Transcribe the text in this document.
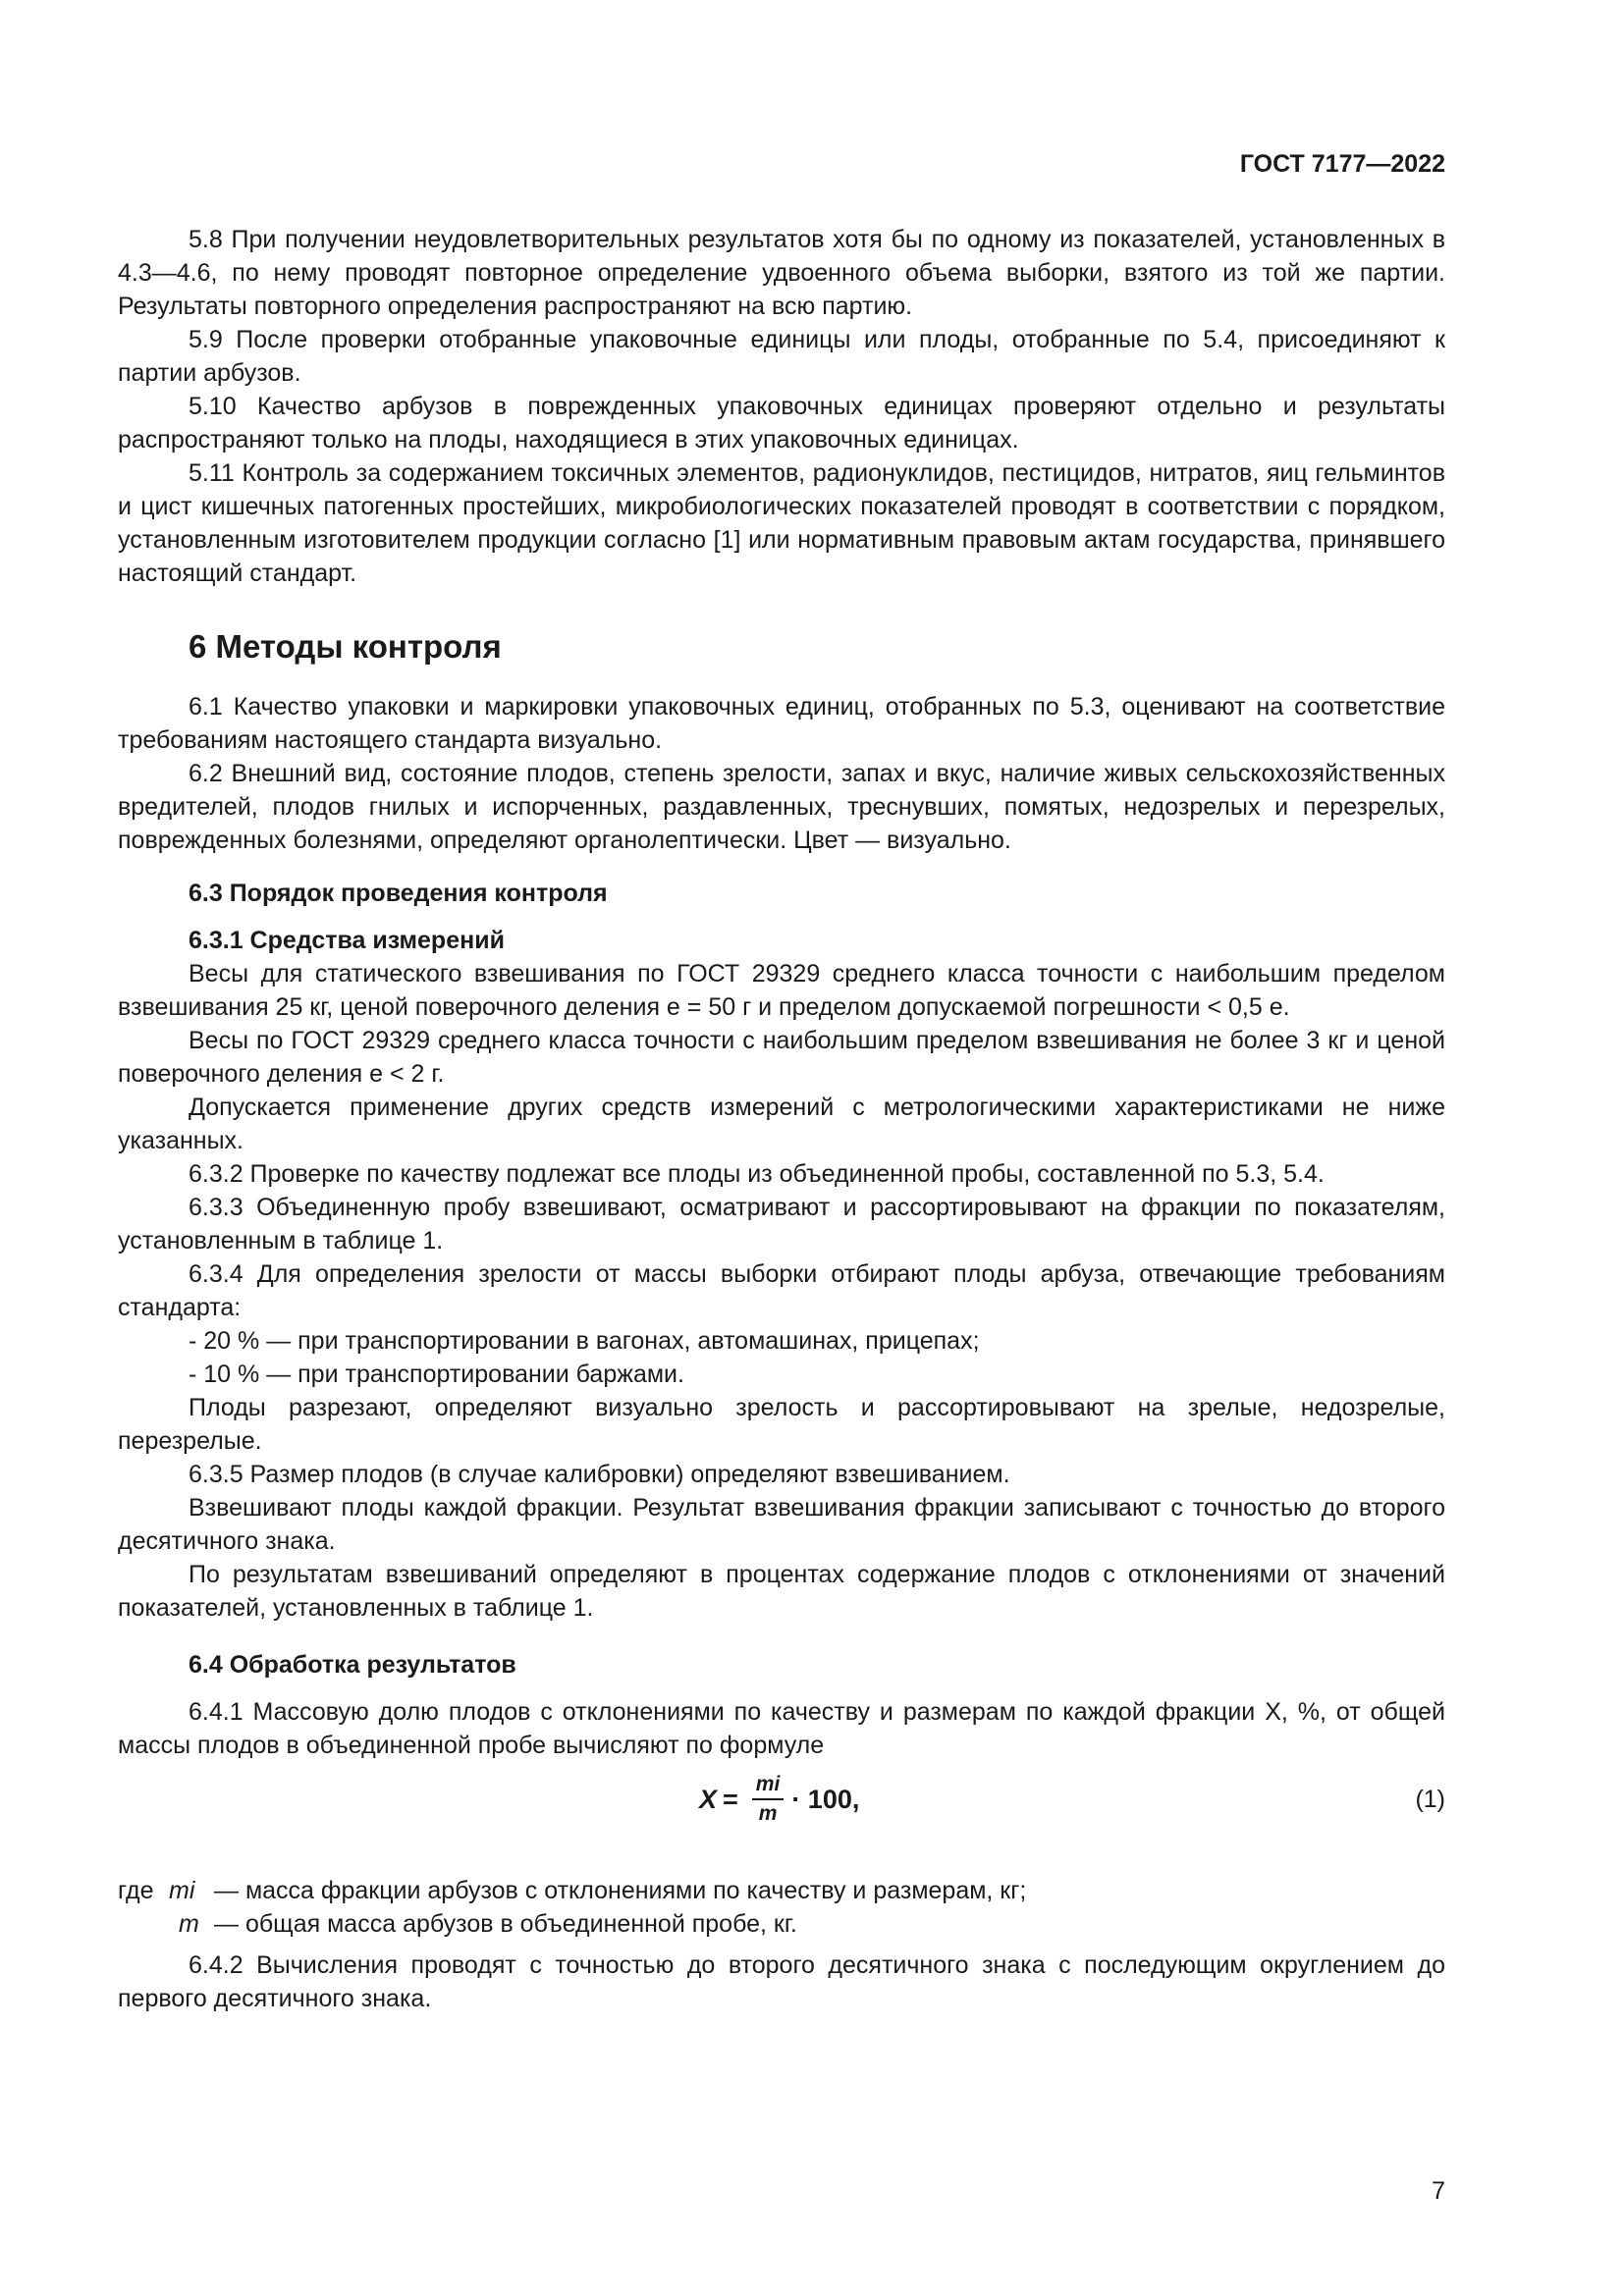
ГОСТ 7177—2022

5.8 При получении неудовлетворительных результатов хотя бы по одному из показателей, установленных в 4.3—4.6, по нему проводят повторное определение удвоенного объема выборки, взятого из той же партии. Результаты повторного определения распространяют на всю партию.

5.9 После проверки отобранные упаковочные единицы или плоды, отобранные по 5.4, присоединяют к партии арбузов.

5.10 Качество арбузов в поврежденных упаковочных единицах проверяют отдельно и результаты распространяют только на плоды, находящиеся в этих упаковочных единицах.

5.11 Контроль за содержанием токсичных элементов, радионуклидов, пестицидов, нитратов, яиц гельминтов и цист кишечных патогенных простейших, микробиологических показателей проводят в соответствии с порядком, установленным изготовителем продукции согласно [1] или нормативным правовым актам государства, принявшего настоящий стандарт.

6 Методы контроля

6.1 Качество упаковки и маркировки упаковочных единиц, отобранных по 5.3, оценивают на соответствие требованиям настоящего стандарта визуально.

6.2 Внешний вид, состояние плодов, степень зрелости, запах и вкус, наличие живых сельскохозяйственных вредителей, плодов гнилых и испорченных, раздавленных, треснувших, помятых, недозрелых и перезрелых, поврежденных болезнями, определяют органолептически. Цвет — визуально.

6.3 Порядок проведения контроля
6.3.1 Средства измерений

Весы для статического взвешивания по ГОСТ 29329 среднего класса точности с наибольшим пределом взвешивания 25 кг, ценой поверочного деления e = 50 г и пределом допускаемой погрешности < 0,5 e.

Весы по ГОСТ 29329 среднего класса точности с наибольшим пределом взвешивания не более 3 кг и ценой поверочного деления е < 2 г.

Допускается применение других средств измерений с метрологическими характеристиками не ниже указанных.

6.3.2 Проверке по качеству подлежат все плоды из объединенной пробы, составленной по 5.3, 5.4.

6.3.3 Объединенную пробу взвешивают, осматривают и рассортировывают на фракции по показателям, установленным в таблице 1.

6.3.4 Для определения зрелости от массы выборки отбирают плоды арбуза, отвечающие требованиям стандарта:

- 20 % — при транспортировании в вагонах, автомашинах, прицепах;

- 10 % — при транспортировании баржами.

Плоды разрезают, определяют визуально зрелость и рассортировывают на зрелые, недозрелые, перезрелые.

6.3.5 Размер плодов (в случае калибровки) определяют взвешиванием.

Взвешивают плоды каждой фракции. Результат взвешивания фракции записывают с точностью до второго десятичного знака.

По результатам взвешиваний определяют в процентах содержание плодов с отклонениями от значений показателей, установленных в таблице 1.

6.4 Обработка результатов

6.4.1 Массовую долю плодов с отклонениями по качеству и размерам по каждой фракции X, %, от общей массы плодов в объединенной пробе вычисляют по формуле

$X = \frac{mi}{m} \cdot 100$,	(1)
где mi — масса фракции арбузов с отклонениями по качеству и размерам, кг;
m — общая масса арбузов в объединенной пробе, кг.

6.4.2 Вычисления проводят с точностью до второго десятичного знака с последующим округлением до первого десятичного знака.

7
